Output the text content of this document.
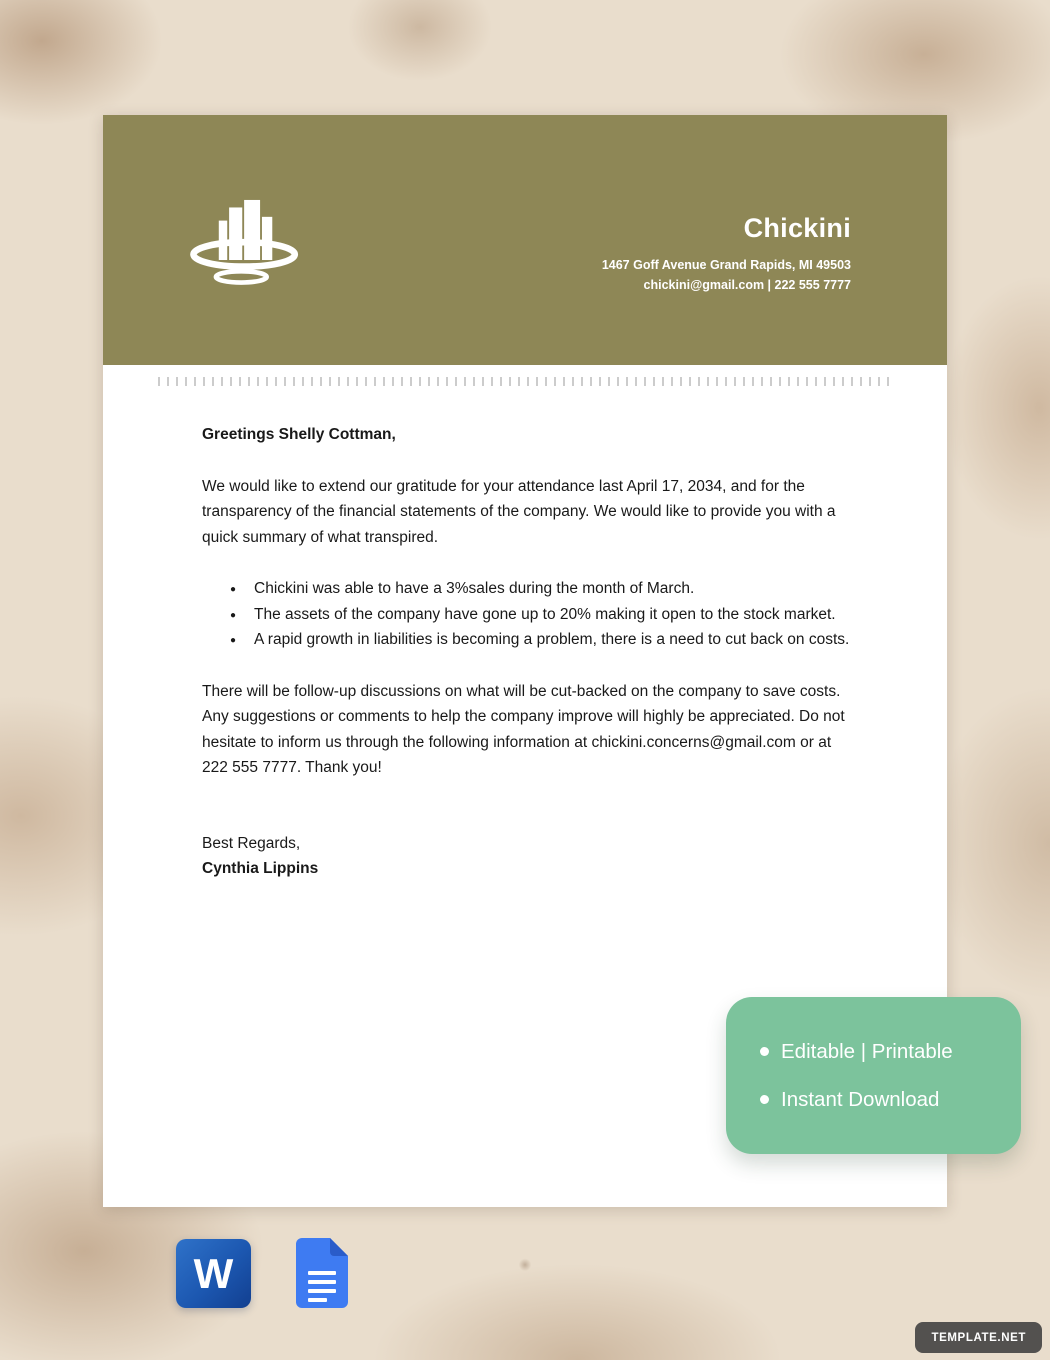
Chickini
1467 Goff Avenue Grand Rapids, MI 49503
chickini@gmail.com | 222 555 7777

Greetings Shelly Cottman,

We would like to extend our gratitude for your attendance last April 17, 2034, and for the transparency of the financial statements of the company. We would like to provide you with a quick summary of what transpired.

● Chickini was able to have a 3%sales during the month of March.
● The assets of the company have gone up to 20% making it open to the stock market.
● A rapid growth in liabilities is becoming a problem, there is a need to cut back on costs.

There will be follow-up discussions on what will be cut-backed on the company to save costs. Any suggestions or comments to help the company improve will highly be appreciated. Do not hesitate to inform us through the following information at chickini.concerns@gmail.com or at 222 555 7777. Thank you!

Best Regards,

Cynthia Lippins

Editable | Printable
Instant Download
W
TEMPLATE.NET
